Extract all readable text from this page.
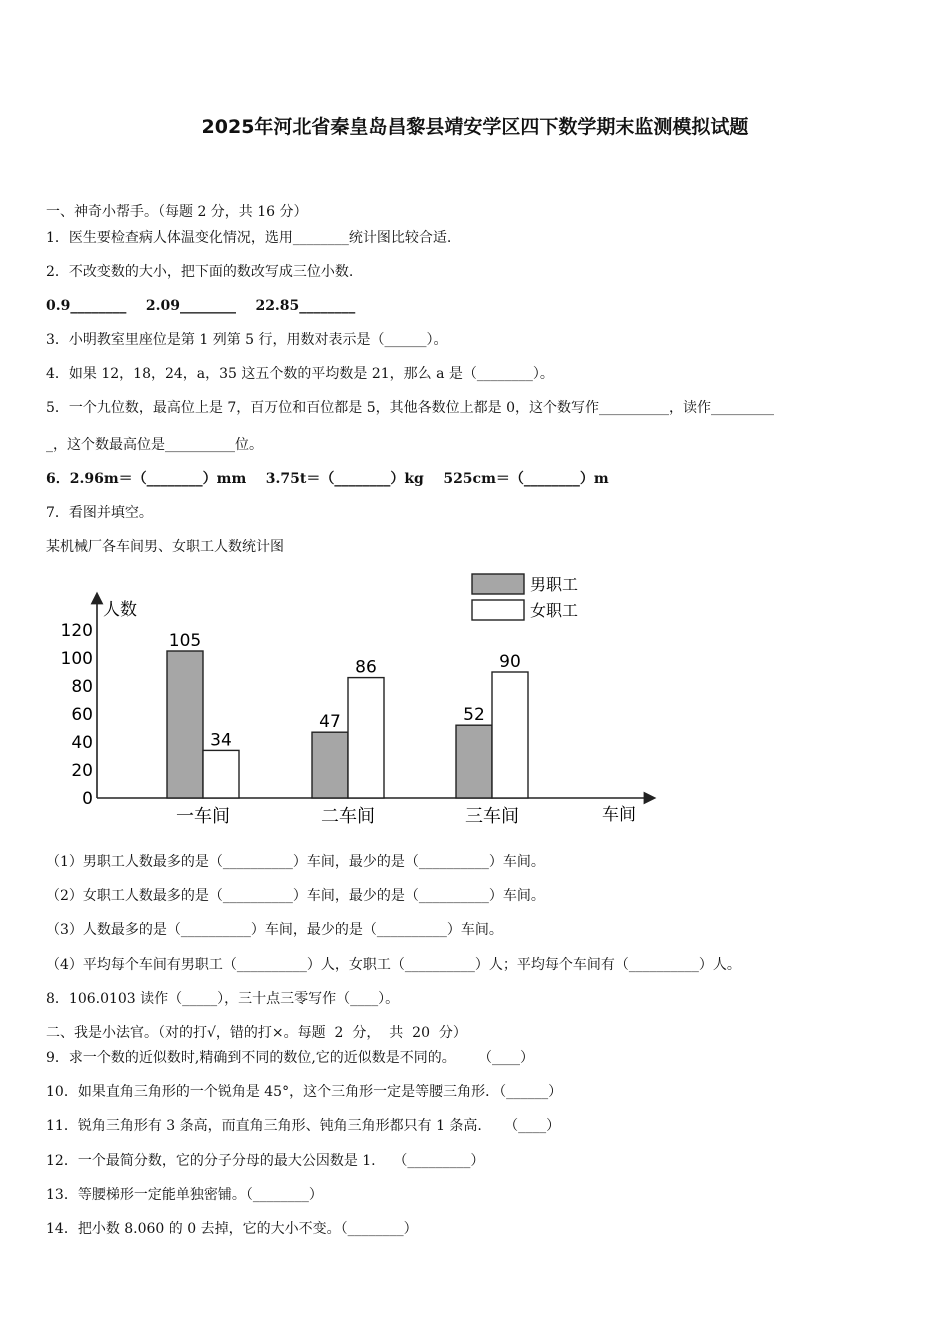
2025年河北省秦皇岛昌黎县靖安学区四下数学期末监测模拟试题
一、神奇小帮手。（每题 2 分，共 16 分）
1．医生要检查病人体温变化情况，选用________统计图比较合适.
2．不改变数的大小，把下面的数改写成三位小数.
0.9________    2.09________    22.85________
3．小明教室里座位是第 1 列第 5 行，用数对表示是（______）。
4．如果 12，18，24，a，35 这五个数的平均数是 21，那么 a 是（________）。
5．一个九位数，最高位上是 7，百万位和百位都是 5，其他各数位上都是 0，这个数写作__________，读作_________
_，这个数最高位是__________位。
6．2.96m＝（________）mm    3.75t＝（________）kg    525cm＝（________）m
7．看图并填空。
某机械厂各车间男、女职工人数统计图
人数
车间
0
20
40
60
80
100
120	105
34
一车间
47
86
二车间
52
90
三车间
男职工
女职工
（1）男职工人数最多的是（__________）车间，最少的是（__________）车间。
（2）女职工人数最多的是（__________）车间，最少的是（__________）车间。
（3）人数最多的是（__________）车间，最少的是（__________）车间。
（4）平均每个车间有男职工（__________）人，女职工（__________）人；平均每个车间有（__________）人。
8．106.0103 读作（_____），三十点三零写作（____）。
二、我是小法官。（对的打√，错的打×。每题  2  分，  共  20  分）
9．求一个数的近似数时,精确到不同的数位,它的近似数是不同的。     （____）
10．如果直角三角形的一个锐角是 45°，这个三角形一定是等腰三角形．（______）
11．锐角三角形有 3 条高，而直角三角形、钝角三角形都只有 1 条高.     （____）
12．一个最简分数，它的分子分母的最大公因数是 1.    （_________）
13．等腰梯形一定能单独密铺。（________）
14．把小数 8.060 的 0 去掉，它的大小不变。（________）
